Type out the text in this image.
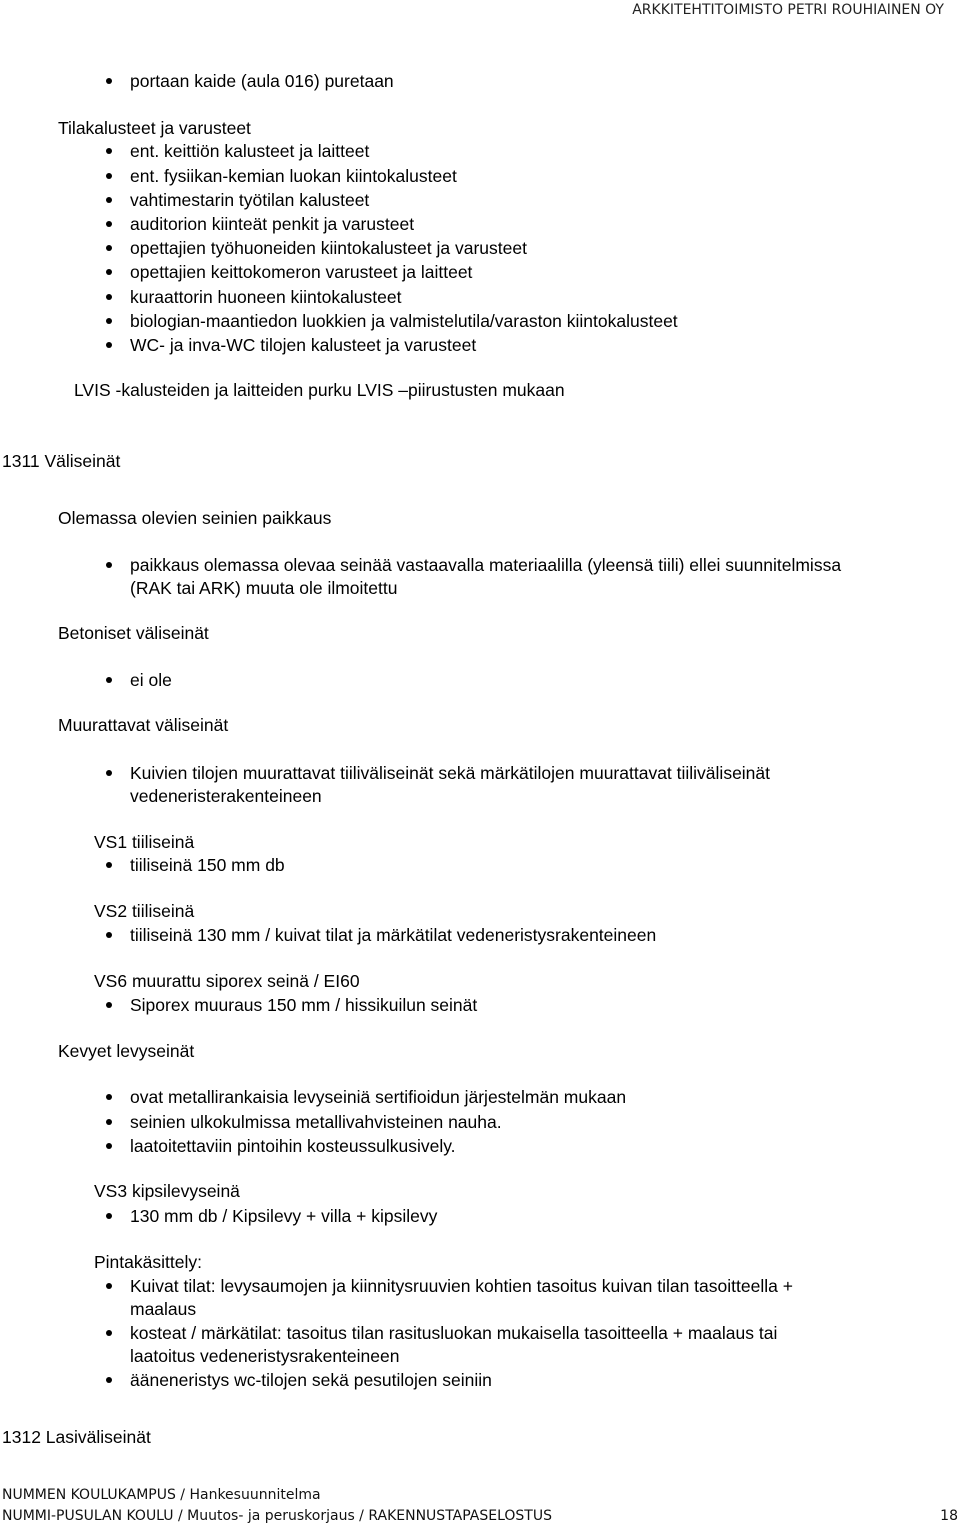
ARKKITEHTITOIMISTO PETRI ROUHIAINEN OY
portaan kaide (aula 016) puretaan
Tilakalusteet ja varusteet
ent. keittiön kalusteet ja laitteet
ent. fysiikan-kemian luokan kiintokalusteet
vahtimestarin työtilan kalusteet
auditorion kiinteät penkit ja varusteet
opettajien työhuoneiden kiintokalusteet ja varusteet
opettajien keittokomeron varusteet ja laitteet
kuraattorin huoneen kiintokalusteet
biologian-maantiedon luokkien ja valmistelutila/varaston kiintokalusteet
WC- ja inva-WC tilojen kalusteet ja varusteet
LVIS -kalusteiden ja laitteiden purku LVIS –piirustusten mukaan
1311 Väliseinät
Olemassa olevien seinien paikkaus
paikkaus olemassa olevaa seinää vastaavalla materiaalilla (yleensä tiili) ellei suunnitelmissa
(RAK tai ARK) muuta ole ilmoitettu
Betoniset väliseinät
ei ole
Muurattavat väliseinät
Kuivien tilojen muurattavat tiiliväliseinät sekä märkätilojen muurattavat tiiliväliseinät
vedeneristerakenteineen
VS1 tiiliseinä
tiiliseinä 150 mm db
VS2 tiiliseinä
tiiliseinä 130 mm / kuivat tilat ja märkätilat vedeneristysrakenteineen
VS6 muurattu siporex seinä / EI60
Siporex muuraus 150 mm / hissikuilun seinät
Kevyet levyseinät
ovat metallirankaisia levyseiniä sertifioidun järjestelmän mukaan
seinien ulkokulmissa metallivahvisteinen nauha.
laatoitettaviin pintoihin kosteussulkusively.
VS3 kipsilevyseinä
130 mm db / Kipsilevy + villa + kipsilevy
Pintakäsittely:
Kuivat tilat: levysaumojen ja kiinnitysruuvien kohtien tasoitus kuivan tilan tasoitteella +
maalaus
kosteat / märkätilat: tasoitus tilan rasitusluokan mukaisella tasoitteella + maalaus tai
laatoitus vedeneristysrakenteineen
ääneneristys wc-tilojen sekä pesutilojen seiniin
1312 Lasiväliseinät
NUMMEN KOULUKAMPUS / Hankesuunnitelma
NUMMI-PUSULAN KOULU / Muutos- ja peruskorjaus / RAKENNUSTAPASELOSTUS	18
